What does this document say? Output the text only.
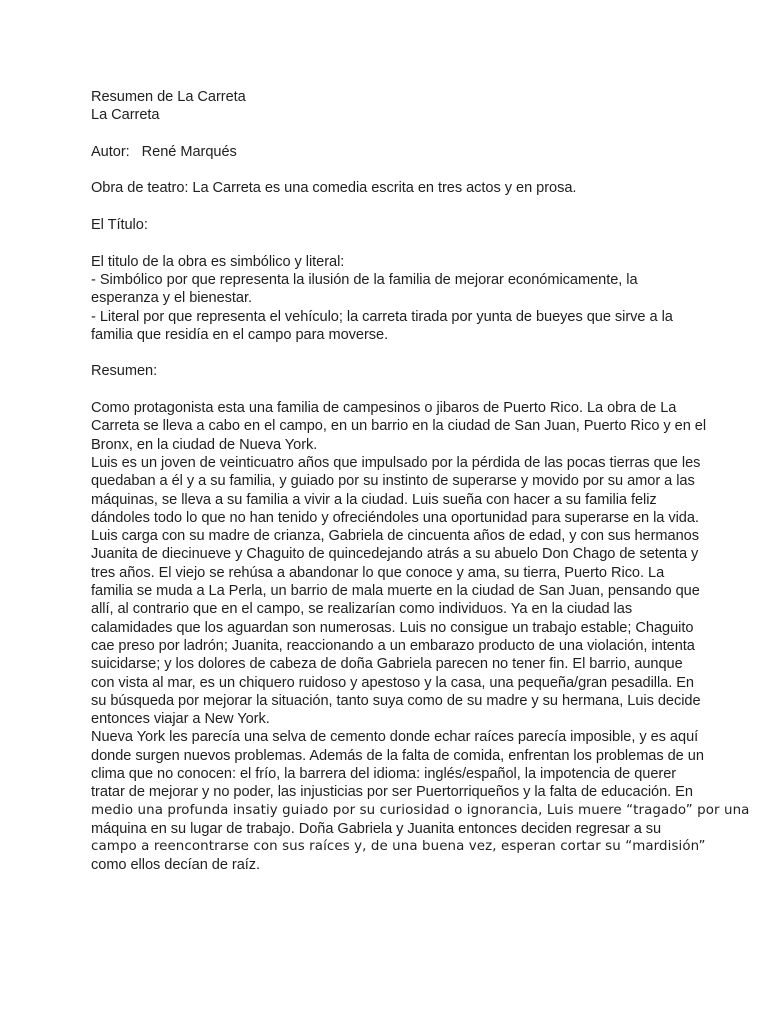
Resumen de La Carreta
La Carreta
Autor:   René Marqués
Obra de teatro: La Carreta es una comedia escrita en tres actos y en prosa.
El Título:
El titulo de la obra es simbólico y literal:
- Simbólico por que representa la ilusión de la familia de mejorar económicamente, la
esperanza y el bienestar.
- Literal por que representa el vehículo; la carreta tirada por yunta de bueyes que sirve a la
familia que residía en el campo para moverse.
Resumen:
Como protagonista esta una familia de campesinos o jibaros de Puerto Rico. La obra de La
Carreta se lleva a cabo en el campo, en un barrio en la ciudad de San Juan, Puerto Rico y en el
Bronx, en la ciudad de Nueva York.
Luis es un joven de veinticuatro años que impulsado por la pérdida de las pocas tierras que les
quedaban a él y a su familia, y guiado por su instinto de superarse y movido por su amor a las
máquinas, se lleva a su familia a vivir a la ciudad. Luis sueña con hacer a su familia feliz
dándoles todo lo que no han tenido y ofreciéndoles una oportunidad para superarse en la vida.
Luis carga con su madre de crianza, Gabriela de cincuenta años de edad, y con sus hermanos
Juanita de diecinueve y Chaguito de quincedejando atrás a su abuelo Don Chago de setenta y
tres años. El viejo se rehúsa a abandonar lo que conoce y ama, su tierra, Puerto Rico. La
familia se muda a La Perla, un barrio de mala muerte en la ciudad de San Juan, pensando que
allí, al contrario que en el campo, se realizarían como individuos. Ya en la ciudad las
calamidades que los aguardan son numerosas. Luis no consigue un trabajo estable; Chaguito
cae preso por ladrón; Juanita, reaccionando a un embarazo producto de una violación, intenta
suicidarse; y los dolores de cabeza de doña Gabriela parecen no tener fin. El barrio, aunque
con vista al mar, es un chiquero ruidoso y apestoso y la casa, una pequeña/gran pesadilla. En
su búsqueda por mejorar la situación, tanto suya como de su madre y su hermana, Luis decide
entonces viajar a New York.
Nueva York les parecía una selva de cemento donde echar raíces parecía imposible, y es aquí
donde surgen nuevos problemas. Además de la falta de comida, enfrentan los problemas de un
clima que no conocen: el frío, la barrera del idioma: inglés/español, la impotencia de querer
tratar de mejorar y no poder, las injusticias por ser Puertorriqueños y la falta de educación. En
medio una profunda insatiy guiado por su curiosidad o ignorancia, Luis muere “tragado” por una
máquina en su lugar de trabajo. Doña Gabriela y Juanita entonces deciden regresar a su
campo a reencontrarse con sus raíces y, de una buena vez, esperan cortar su “mardisión”
como ellos decían de raíz.
